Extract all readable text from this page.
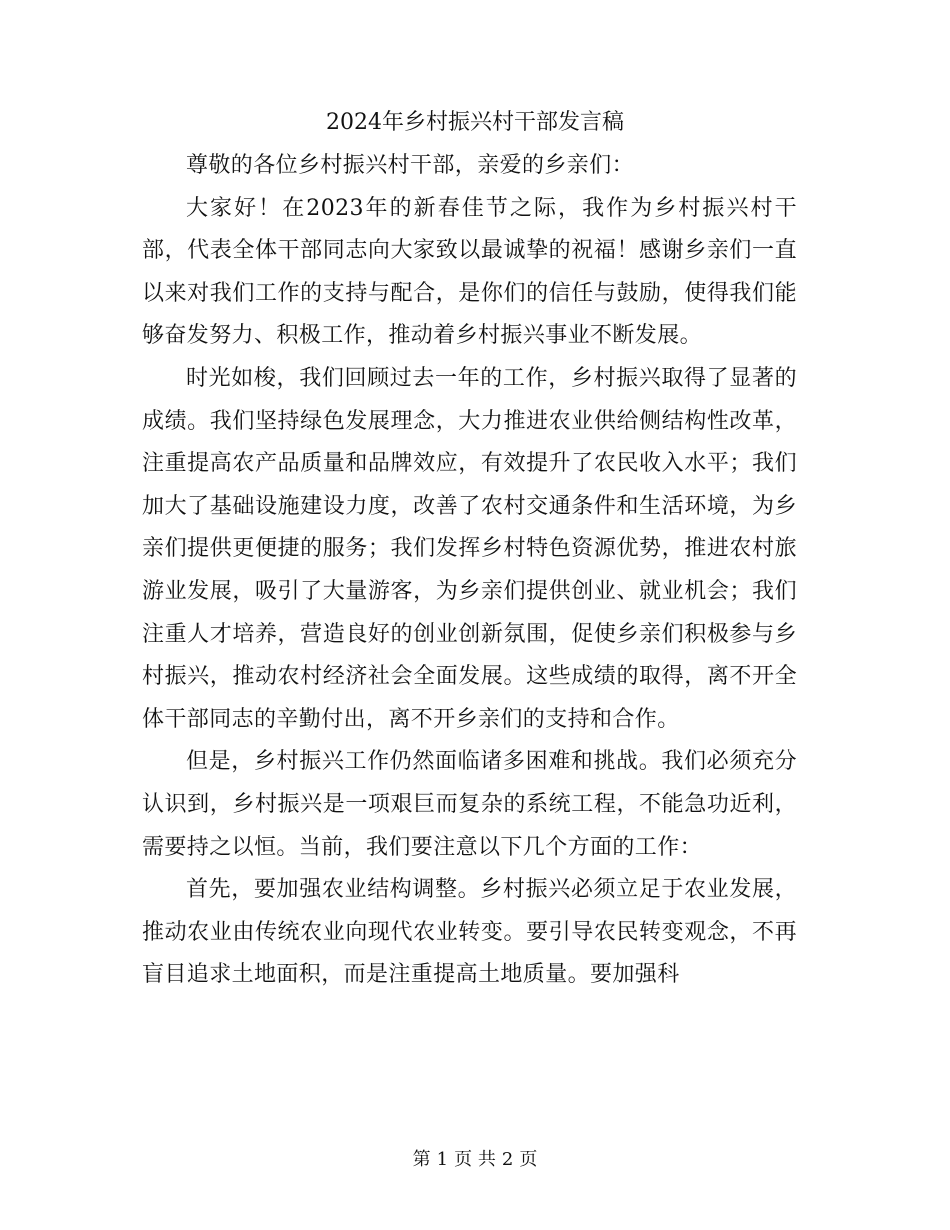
2024年乡村振兴村干部发言稿

尊敬的各位乡村振兴村干部，亲爱的乡亲们：

大家好！在2023年的新春佳节之际，我作为乡村振兴村干部，代表全体干部同志向大家致以最诚挚的祝福！感谢乡亲们一直以来对我们工作的支持与配合，是你们的信任与鼓励，使得我们能够奋发努力、积极工作，推动着乡村振兴事业不断发展。

时光如梭，我们回顾过去一年的工作，乡村振兴取得了显著的成绩。我们坚持绿色发展理念，大力推进农业供给侧结构性改革，注重提高农产品质量和品牌效应，有效提升了农民收入水平；我们加大了基础设施建设力度，改善了农村交通条件和生活环境，为乡亲们提供更便捷的服务；我们发挥乡村特色资源优势，推进农村旅游业发展，吸引了大量游客，为乡亲们提供创业、就业机会；我们注重人才培养，营造良好的创业创新氛围，促使乡亲们积极参与乡村振兴，推动农村经济社会全面发展。这些成绩的取得，离不开全体干部同志的辛勤付出，离不开乡亲们的支持和合作。

但是，乡村振兴工作仍然面临诸多困难和挑战。我们必须充分认识到，乡村振兴是一项艰巨而复杂的系统工程，不能急功近利，需要持之以恒。当前，我们要注意以下几个方面的工作：

首先，要加强农业结构调整。乡村振兴必须立足于农业发展，推动农业由传统农业向现代农业转变。要引导农民转变观念，不再盲目追求土地面积，而是注重提高土地质量。要加强科

第 1 页 共 2 页
